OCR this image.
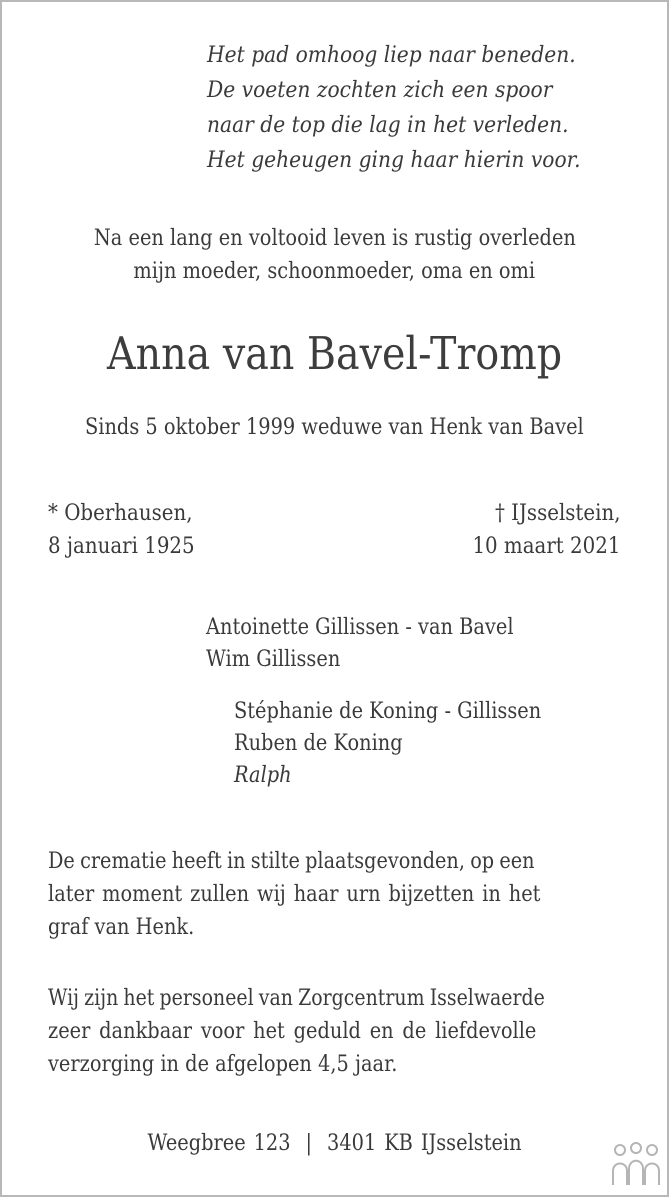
Het pad omhoog liep naar beneden.
De voeten zochten zich een spoor
naar de top die lag in het verleden.
Het geheugen ging haar hierin voor.
Na een lang en voltooid leven is rustig overleden
mijn moeder, schoonmoeder, oma en omi
Anna van Bavel-Tromp
Sinds 5 oktober 1999 weduwe van Henk van Bavel
* Oberhausen,
8 januari 1925
† IJsselstein,
10 maart 2021
Antoinette Gillissen - van Bavel
Wim Gillissen
Stéphanie de Koning - Gillissen
Ruben de Koning
Ralph
De crematie heeft in stilte plaatsgevonden, op een
later moment zullen wij haar urn bijzetten in het
graf van Henk.
Wij zijn het personeel van Zorgcentrum Isselwaerde
zeer dankbaar voor het geduld en de liefdevolle
verzorging in de afgelopen 4,5 jaar.
Weegbree 123 | 3401 KB IJsselstein
